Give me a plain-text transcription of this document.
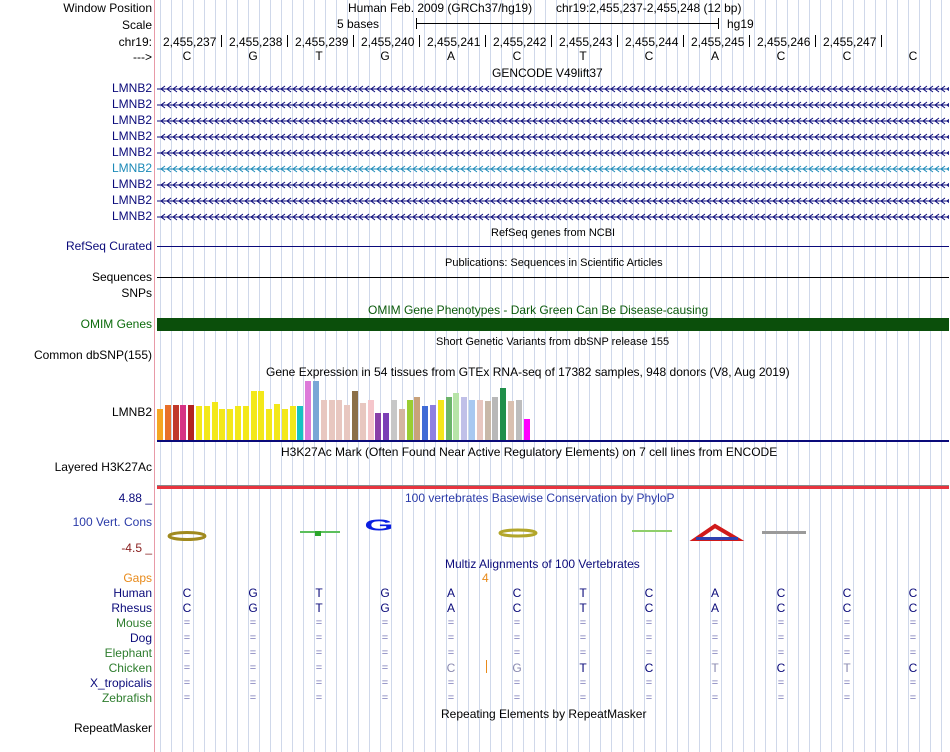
Window Position	Human Feb. 2009 (GRCh37/hg19) chr19:2,455,237-2,455,248 (12 bp)
Scale	5 bases	hg19
chr19: 2,455,237 2,455,238 2,455,239 2,455,240 2,455,241 2,455,242 2,455,243 2,455,244 2,455,245 2,455,246 2,455,247
--->	C	G	T	G	A	C	T	C	A	C	C	C
GENCODE V49lift37
LMNB2
LMNB2
LMNB2
LMNB2
LMNB2
LMNB2
LMNB2
LMNB2
LMNB2
RefSeq genes from NCBI
RefSeq Curated
Publications: Sequences in Scientific Articles
Sequences
SNPs
OMIM Gene Phenotypes - Dark Green Can Be Disease-causing
OMIM Genes
Short Genetic Variants from dbSNP release 155
Common dbSNP(155)
Gene Expression in 54 tissues from GTEx RNA-seq of 17382 samples, 948 donors (V8, Aug 2019)
LMNB2
H3K27Ac Mark (Often Found Near Active Regulatory Elements) on 7 cell lines from ENCODE
Layered H3K27Ac
4.88 _	100 vertebrates Basewise Conservation by PhyloP
100 Vert. Cons
-4.5 _
G
Multiz Alignments of 100 Vertebrates
Gaps	4
Human	C	G	T	G	A	C	T	C	A	C	C	C
Rhesus	C	G	T	G	A	C	T	C	A	C	C	C
Mouse	=	=	=	=	=	=	=	=	=	=	=	=
Dog	=	=	=	=	=	=	=	=	=	=	=	=
Elephant	=	=	=	=	=	=	=	=	=	=	=	=
Chicken	=	=	=	=	C	G	T	C	T	C	T	C
X_tropicalis	=	=	=	=	=	=	=	=	=	=	=	=
Zebrafish	=	=	=	=	=	=	=	=	=	=	=	=
Repeating Elements by RepeatMasker
RepeatMasker
